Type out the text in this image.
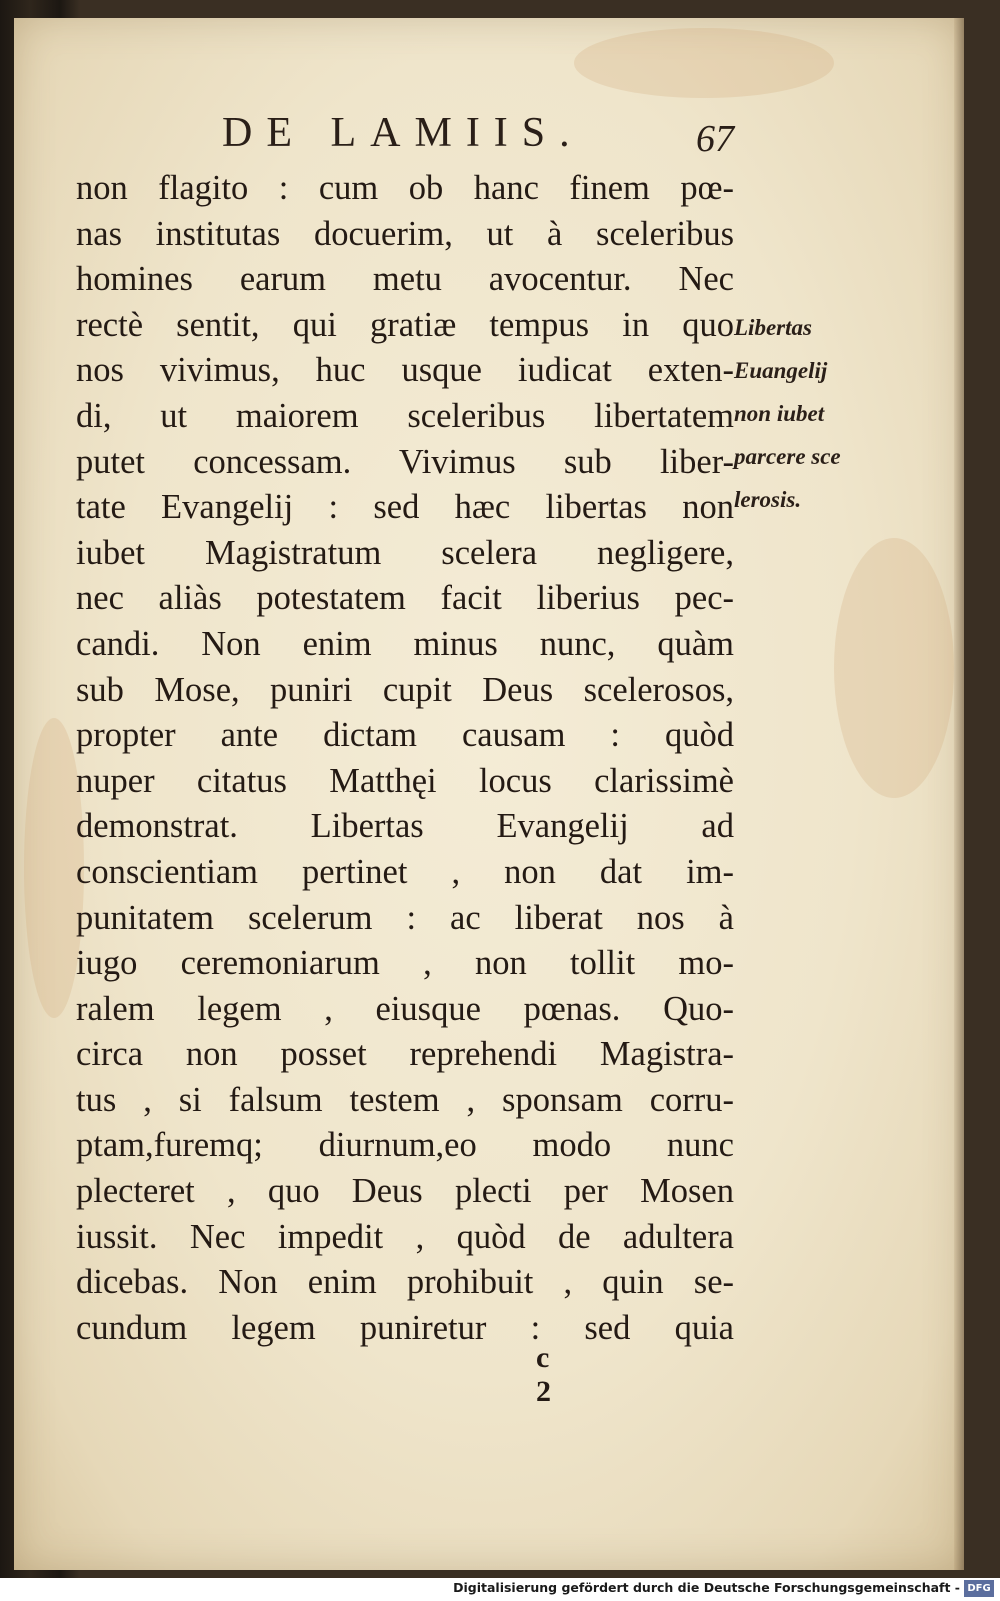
DE LAMIIS.	67
non flagito : cum ob hanc finem pœ-
nas institutas docuerim, ut à sceleribus
homines earum metu avocentur. Nec
rectè sentit, qui gratiæ tempus in quo
nos vivimus, huc usque iudicat exten-
di, ut maiorem sceleribus libertatem
putet concessam. Vivimus sub liber-
tate Evangelij : sed hæc libertas non
iubet Magistratum scelera negligere,
nec aliàs potestatem facit liberius pec-
candi. Non enim minus nunc, quàm
sub Mose, puniri cupit Deus scelerosos,
propter ante dictam causam : quòd
nuper citatus Matthęi locus clarissimè
demonstrat. Libertas Evangelij ad
conscientiam pertinet , non dat im-
punitatem scelerum : ac liberat nos à
iugo ceremoniarum , non tollit mo-
ralem legem , eiusque pœnas. Quo-
circa non posset reprehendi Magistra-
tus , si falsum testem , sponsam corru-
ptam,furemq; diurnum,eo modo nunc
plecteret , quo Deus plecti per Mosen
iussit. Nec impedit , quòd de adultera
dicebas. Non enim prohibuit , quin se-
cundum legem puniretur : sed quia
Libertas
Euangelij
non iubet
parcere sce
lerosis.
c 2
Digitalisierung gefördert durch die Deutsche Forschungsgemeinschaft - DFG
